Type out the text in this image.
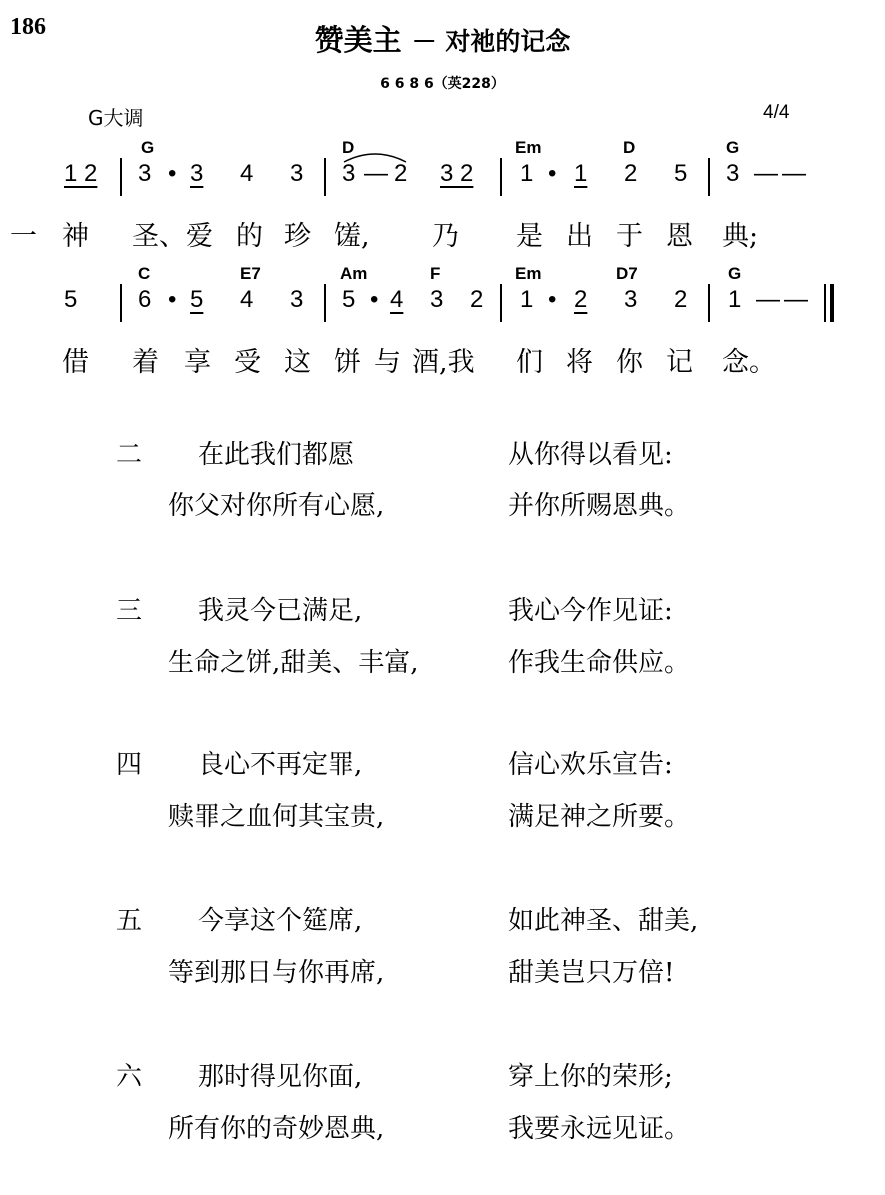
186	赞美主 － 对祂的记念
6 6 8 6（英228）
G大调	4/4
G	D	Em	D	G
1 2 3 • 3 4 3 3 — 2 3 2 1 • 1 2 5 3 — —
一 神 圣、爱 的 珍 馐, 乃 是 出 于 恩 典;
C	E7	Am	F	Em	D7	G
5	6 • 5 4 3 5 • 4 3 2 1 • 2 3 2 1 — —
借 着 享 受 这 饼 与 酒,我 们 将 你 记 念。
二 在此我们都愿	从你得以看见:
你父对你所有心愿,	并你所赐恩典。
三 我灵今已满足,	我心今作见证:
生命之饼,甜美、丰富,	作我生命供应。
四 良心不再定罪,	信心欢乐宣告:
赎罪之血何其宝贵,	满足神之所要。
五 今享这个筵席,	如此神圣、甜美,
等到那日与你再席,	甜美岂只万倍!
六 那时得见你面,	穿上你的荣形;
所有你的奇妙恩典,	我要永远见证。
